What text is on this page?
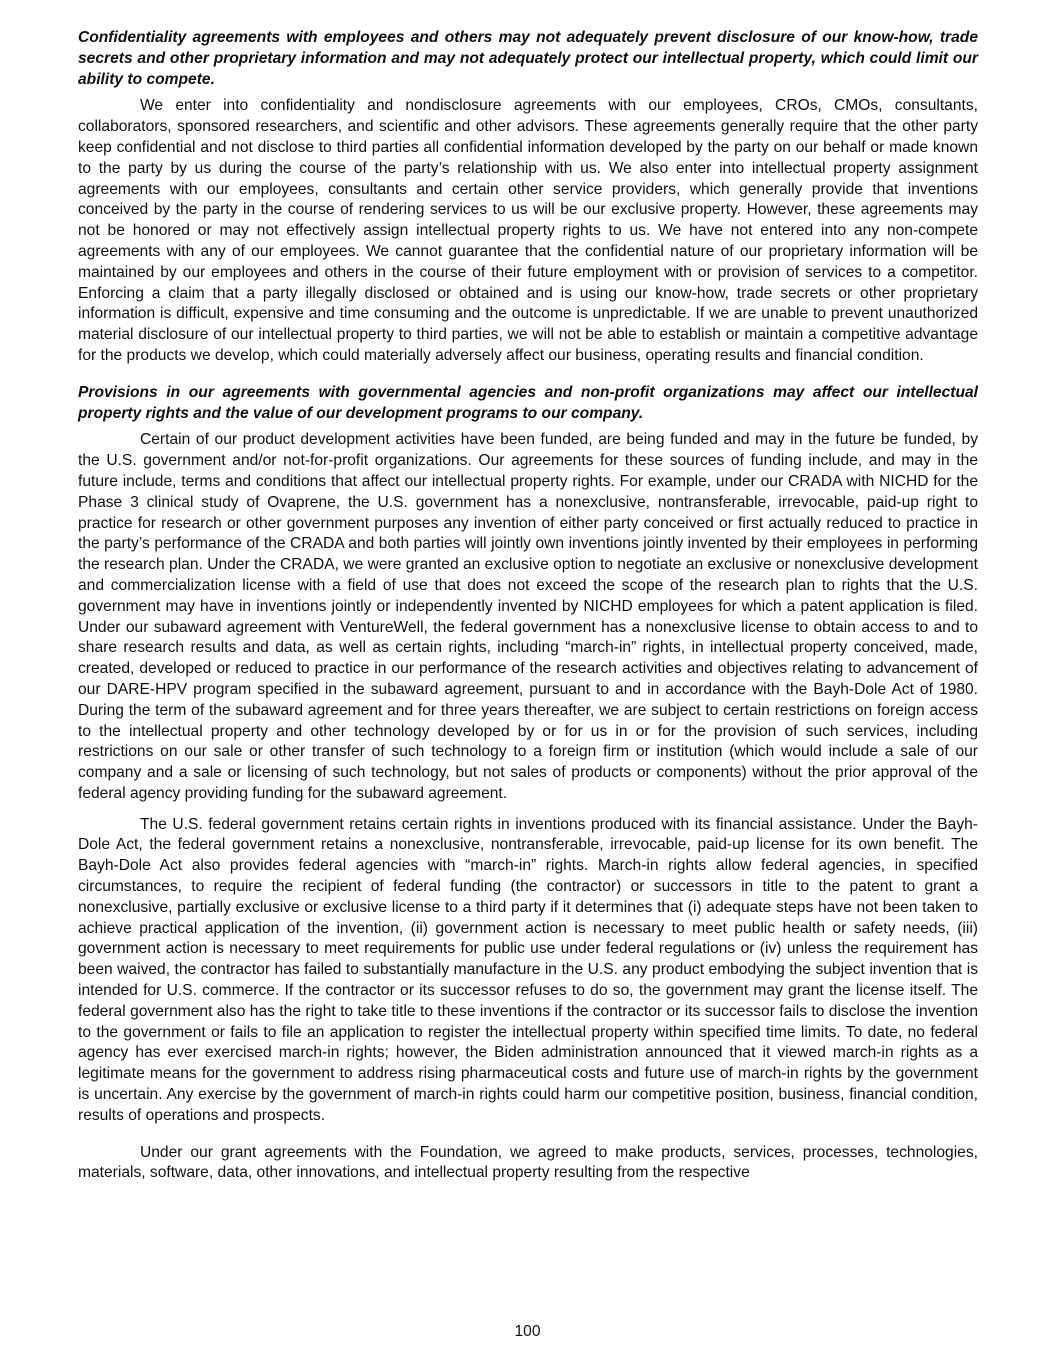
Confidentiality agreements with employees and others may not adequately prevent disclosure of our know-how, trade secrets and other proprietary information and may not adequately protect our intellectual property, which could limit our ability to compete.

We enter into confidentiality and nondisclosure agreements with our employees, CROs, CMOs, consultants, collaborators, sponsored researchers, and scientific and other advisors. These agreements generally require that the other party keep confidential and not disclose to third parties all confidential information developed by the party on our behalf or made known to the party by us during the course of the party’s relationship with us. We also enter into intellectual property assignment agreements with our employees, consultants and certain other service providers, which generally provide that inventions conceived by the party in the course of rendering services to us will be our exclusive property. However, these agreements may not be honored or may not effectively assign intellectual property rights to us. We have not entered into any non-compete agreements with any of our employees. We cannot guarantee that the confidential nature of our proprietary information will be maintained by our employees and others in the course of their future employment with or provision of services to a competitor. Enforcing a claim that a party illegally disclosed or obtained and is using our know-how, trade secrets or other proprietary information is difficult, expensive and time consuming and the outcome is unpredictable. If we are unable to prevent unauthorized material disclosure of our intellectual property to third parties, we will not be able to establish or maintain a competitive advantage for the products we develop, which could materially adversely affect our business, operating results and financial condition.

Provisions in our agreements with governmental agencies and non-profit organizations may affect our intellectual property rights and the value of our development programs to our company.

Certain of our product development activities have been funded, are being funded and may in the future be funded, by the U.S. government and/or not-for-profit organizations. Our agreements for these sources of funding include, and may in the future include, terms and conditions that affect our intellectual property rights. For example, under our CRADA with NICHD for the Phase 3 clinical study of Ovaprene, the U.S. government has a nonexclusive, nontransferable, irrevocable, paid-up right to practice for research or other government purposes any invention of either party conceived or first actually reduced to practice in the party’s performance of the CRADA and both parties will jointly own inventions jointly invented by their employees in performing the research plan. Under the CRADA, we were granted an exclusive option to negotiate an exclusive or nonexclusive development and commercialization license with a field of use that does not exceed the scope of the research plan to rights that the U.S. government may have in inventions jointly or independently invented by NICHD employees for which a patent application is filed. Under our subaward agreement with VentureWell, the federal government has a nonexclusive license to obtain access to and to share research results and data, as well as certain rights, including “march-in” rights, in intellectual property conceived, made, created, developed or reduced to practice in our performance of the research activities and objectives relating to advancement of our DARE-HPV program specified in the subaward agreement, pursuant to and in accordance with the Bayh-Dole Act of 1980. During the term of the subaward agreement and for three years thereafter, we are subject to certain restrictions on foreign access to the intellectual property and other technology developed by or for us in or for the provision of such services, including restrictions on our sale or other transfer of such technology to a foreign firm or institution (which would include a sale of our company and a sale or licensing of such technology, but not sales of products or components) without the prior approval of the federal agency providing funding for the subaward agreement.

The U.S. federal government retains certain rights in inventions produced with its financial assistance. Under the Bayh-Dole Act, the federal government retains a nonexclusive, nontransferable, irrevocable, paid-up license for its own benefit. The Bayh-Dole Act also provides federal agencies with “march-in” rights. March-in rights allow federal agencies, in specified circumstances, to require the recipient of federal funding (the contractor) or successors in title to the patent to grant a nonexclusive, partially exclusive or exclusive license to a third party if it determines that (i) adequate steps have not been taken to achieve practical application of the invention, (ii) government action is necessary to meet public health or safety needs, (iii) government action is necessary to meet requirements for public use under federal regulations or (iv) unless the requirement has been waived, the contractor has failed to substantially manufacture in the U.S. any product embodying the subject invention that is intended for U.S. commerce. If the contractor or its successor refuses to do so, the government may grant the license itself. The federal government also has the right to take title to these inventions if the contractor or its successor fails to disclose the invention to the government or fails to file an application to register the intellectual property within specified time limits. To date, no federal agency has ever exercised march-in rights; however, the Biden administration announced that it viewed march-in rights as a legitimate means for the government to address rising pharmaceutical costs and future use of march-in rights by the government is uncertain. Any exercise by the government of march-in rights could harm our competitive position, business, financial condition, results of operations and prospects.

Under our grant agreements with the Foundation, we agreed to make products, services, processes, technologies, materials, software, data, other innovations, and intellectual property resulting from the respective

100
